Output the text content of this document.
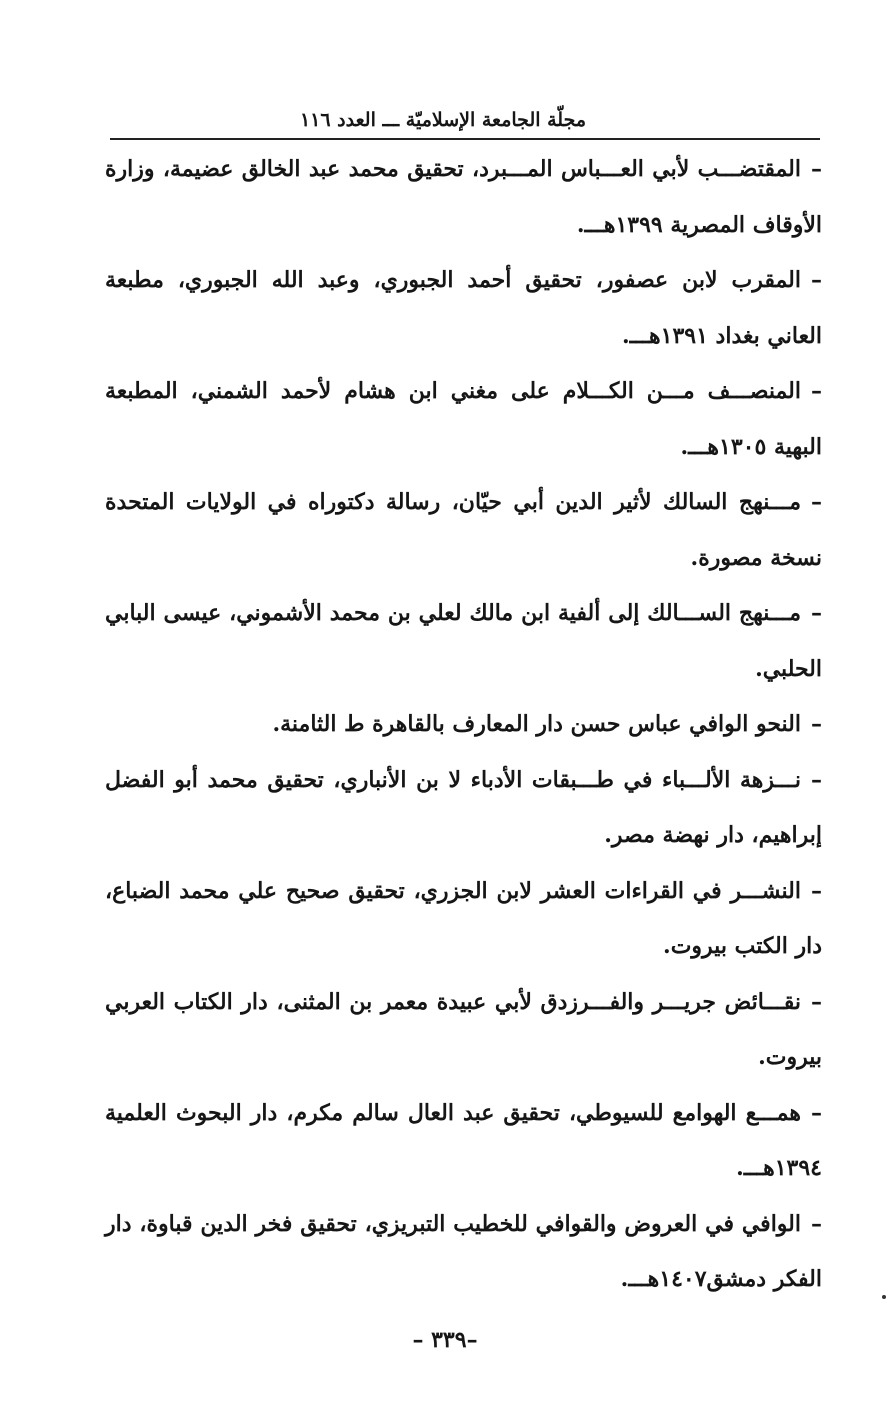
مجلّة الجامعة الإسلاميّة ـــ العدد ١١٦
–المقتضـــب لأبي العـــباس المـــبرد، تحقيق محمد عبد الخالق عضيمة، وزارة الأوقاف المصرية ١٣٩٩هـــ.
–المقرب لابن عصفور، تحقيق أحمد الجبوري، وعبد الله الجبوري، مطبعة العاني بغداد ١٣٩١هـــ.
–المنصـــف مـــن الكـــلام على مغني ابن هشام لأحمد الشمني، المطبعة البهية ١٣٠٥هـــ.
–مـــنهج السالك لأثير الدين أبي حيّان، رسالة دكتوراه في الولايات المتحدة نسخة مصورة.
–مـــنهج الســـالك إلى ألفية ابن مالك لعلي بن محمد الأشموني، عيسى البابي الحلبي.
–النحو الوافي عباس حسن دار المعارف بالقاهرة ط الثامنة.
–نـــزهة الألـــباء في طـــبقات الأدباء لا بن الأنباري، تحقيق محمد أبو الفضل إبراهيم، دار نهضة مصر.
–النشـــر في القراءات العشر لابن الجزري، تحقيق صحيح علي محمد الضباع، دار الكتب بيروت.
–نقـــائض جريـــر والفـــرزدق لأبي عبيدة معمر بن المثنى، دار الكتاب العربي بيروت.
–همـــع الهوامع للسيوطي، تحقيق عبد العال سالم مكرم، دار البحوث العلمية ١٣٩٤هـــ.
–الوافي في العروض والقوافي للخطيب التبريزي، تحقيق فخر الدين قباوة، دار الفكر دمشق١٤٠٧هـــ.
–٣٣٩ –
